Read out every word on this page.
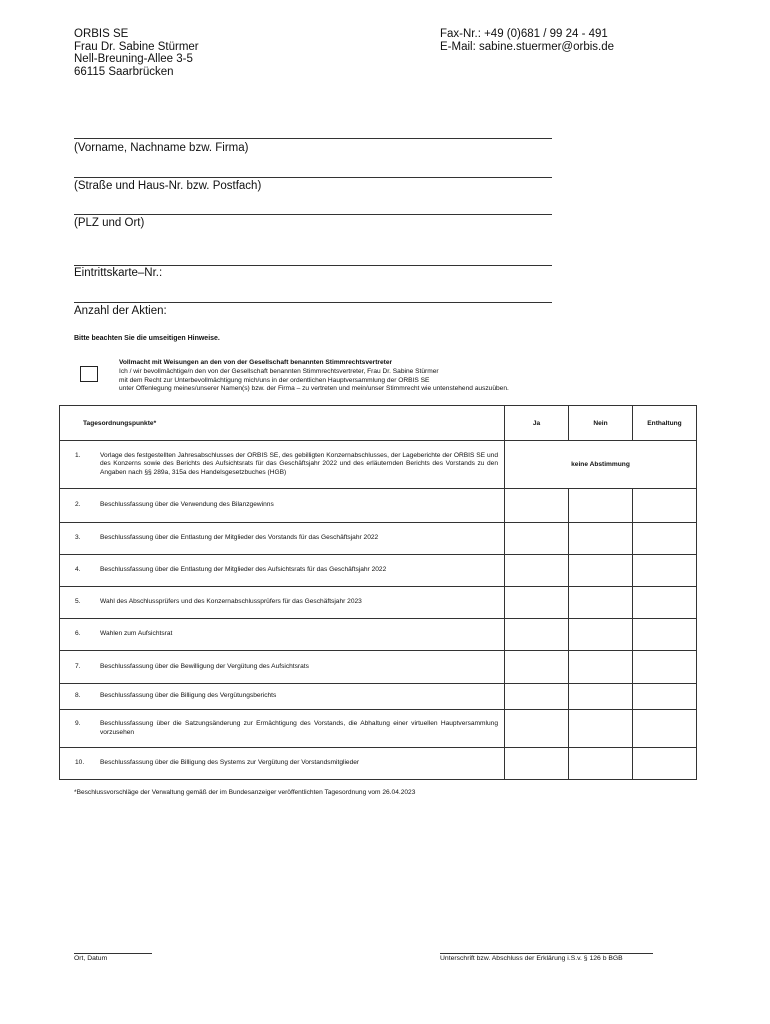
ORBIS SE
Frau Dr. Sabine Stürmer
Nell-Breuning-Allee 3-5
66115 Saarbrücken
Fax-Nr.: +49 (0)681 / 99 24 - 491
E-Mail: sabine.stuermer@orbis.de
(Vorname, Nachname bzw. Firma)
(Straße und Haus-Nr. bzw. Postfach)
(PLZ und Ort)
Eintrittskarte–Nr.:
Anzahl der Aktien:
Bitte beachten Sie die umseitigen Hinweise.
Vollmacht mit Weisungen an den von der Gesellschaft benannten Stimmrechtsvertreter
Ich / wir bevollmächtige/n den von der Gesellschaft benannten Stimmrechtsvertreter, Frau Dr. Sabine Stürmer
mit dem Recht zur Unterbevollmächtigung mich/uns in der ordentlichen Hauptversammlung der ORBIS SE
unter Offenlegung meines/unserer Namen(s) bzw. der Firma – zu vertreten und mein/unser Stimmrecht wie untenstehend auszuüben.
Tagesordnungspunkte*	Ja	Nein	Enthaltung

1. Vorlage des festgestellten Jahresabschlusses der ORBIS SE, des gebilligten Konzernabschlusses, der Lageberichte der ORBIS SE und des Konzerns sowie des Berichts des Aufsichtsrats für das Geschäftsjahr 2022 und des erläuternden Berichts des Vorstands zu den Angaben nach §§ 289a, 315a des Handelsgesetzbuches (HGB)	keine Abstimmung		

2. Beschlussfassung über die Verwendung des Bilanzgewinns			

3. Beschlussfassung über die Entlastung der Mitglieder des Vorstands für das Geschäftsjahr 2022			

4. Beschlussfassung über die Entlastung der Mitglieder des Aufsichtsrats für das Geschäftsjahr 2022			

5. Wahl des Abschlussprüfers und des Konzernabschlussprüfers für das Geschäftsjahr 2023			

6. Wahlen zum Aufsichtsrat			

7. Beschlussfassung über die Bewilligung der Vergütung des Aufsichtsrats			

8. Beschlussfassung über die Billigung des Vergütungsberichts			

9. Beschlussfassung über die Satzungsänderung zur Ermächtigung des Vorstands, die Abhaltung einer virtuellen Hauptversammlung vorzusehen			

10. Beschlussfassung über die Billigung des Systems zur Vergütung der Vorstandsmitglieder			

*Beschlussvorschläge der Verwaltung gemäß der im Bundesanzeiger veröffentlichten Tagesordnung vom 26.04.2023
Ort, Datum	Unterschrift bzw. Abschluss der Erklärung i.S.v. § 126 b BGB
